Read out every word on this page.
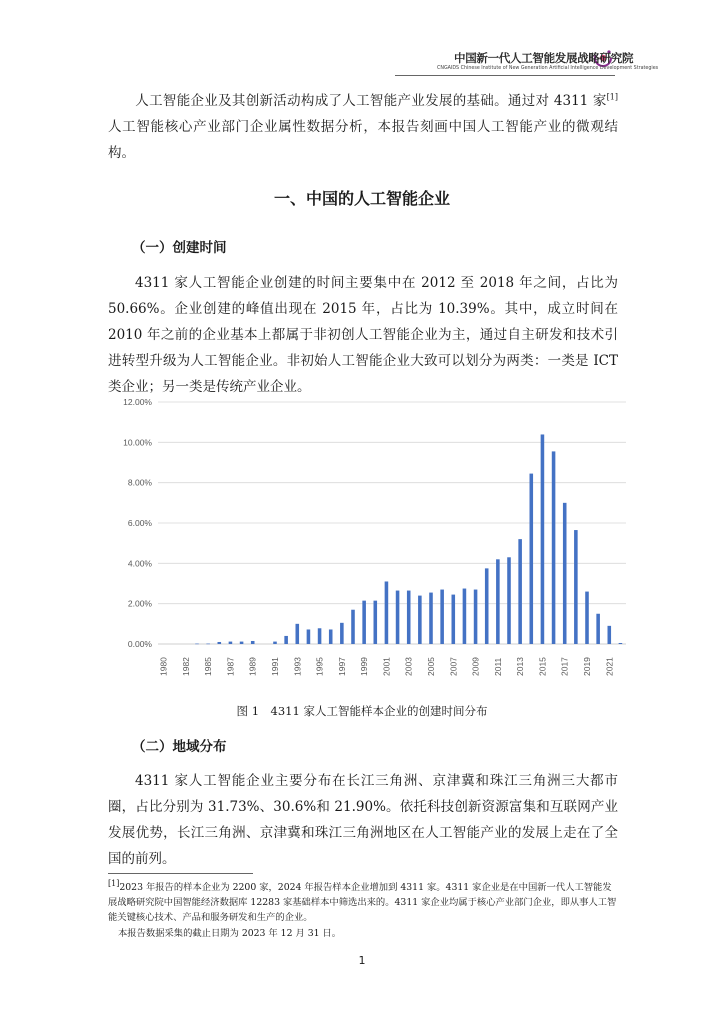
中国新一代人工智能发展战略研究院
CNGAIDS Chinese Institute of New Generation Artificial Intelligence Development Strategies
人工智能企业及其创新活动构成了人工智能产业发展的基础。通过对 4311 家[1]人工智能核心产业部门企业属性数据分析，本报告刻画中国人工智能产业的微观结构。
一、中国的人工智能企业
（一）创建时间
4311 家人工智能企业创建的时间主要集中在 2012 至 2018 年之间，占比为 50.66%。企业创建的峰值出现在 2015 年，占比为 10.39%。其中，成立时间在 2010 年之前的企业基本上都属于非初创人工智能企业为主，通过自主研发和技术引进转型升级为人工智能企业。非初始人工智能企业大致可以划分为两类：一类是 ICT 类企业；另一类是传统产业企业。
0.00%
2.00%
4.00%
6.00%
8.00%
10.00%
12.00%
1980 1982 1985 1987 1989 1991 1993 1995 1997 1999 2001 2003 2005 2007 2009 2011 2013 2015 2017 2019 2021
图 1　4311 家人工智能样本企业的创建时间分布
（二）地域分布
4311 家人工智能企业主要分布在长江三角洲、京津冀和珠江三角洲三大都市圈，占比分别为 31.73%、30.6%和 21.90%。依托科技创新资源富集和互联网产业发展优势，长江三角洲、京津冀和珠江三角洲地区在人工智能产业的发展上走在了全国的前列。
[1]2023 年报告的样本企业为 2200 家，2024 年报告样本企业增加到 4311 家。4311 家企业是在中国新一代人工智能发展战略研究院中国智能经济数据库 12283 家基础样本中筛选出来的。4311 家企业均属于核心产业部门企业，即从事人工智能关键核心技术、产品和服务研发和生产的企业。
本报告数据采集的截止日期为 2023 年 12 月 31 日。
1
